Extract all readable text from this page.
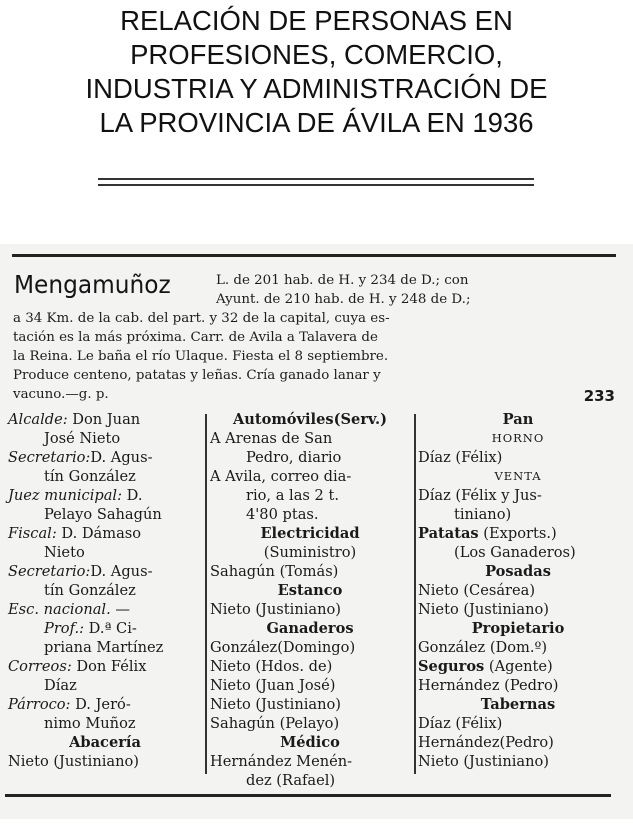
RELACIÓN DE PERSONAS EN
PROFESIONES, COMERCIO,
INDUSTRIA Y ADMINISTRACIÓN DE
LA PROVINCIA DE ÁVILA EN 1936
Mengamuñoz	L. de 201 hab. de H. y 234 de D.; con
Ayunt. de 210 hab. de H. y 248 de D.;
a 34 Km. de la cab. del part. y 32 de la capital, cuya es-
tación es la más próxima. Carr. de Avila a Talavera de
la Reina. Le baña el río Ulaque. Fiesta el 8 septiembre.
Produce centeno, patatas y leñas. Cría ganado lanar y
vacuno.—g. p.	233
Alcalde: Don Juan
José Nieto
Secretario:D. Agus-
tín González
Juez municipal: D.
Pelayo Sahagún
Fiscal: D. Dámaso
Nieto
Secretario:D. Agus-
tín González
Esc. nacional. —
Prof.: D.ª Ci-
priana Martínez
Correos: Don Félix
Díaz
Párroco: D. Jeró-
nimo Muñoz
Abacería
Nieto (Justiniano)
Automóviles(Serv.)
A Arenas de San
Pedro, diario
A Avila, correo dia-
rio, a las 2 t.
4'80 ptas.
Electricidad
(Suministro)
Sahagún (Tomás)
Estanco
Nieto (Justiniano)
Ganaderos
González(Domingo)
Nieto (Hdos. de)
Nieto (Juan José)
Nieto (Justiniano)
Sahagún (Pelayo)
Médico
Hernández Menén-
dez (Rafael)
Pan
HORNO
Díaz (Félix)
VENTA
Díaz (Félix y Jus-
tiniano)
Patatas (Exports.)
(Los Ganaderos)
Posadas
Nieto (Cesárea)
Nieto (Justiniano)
Propietario
González (Dom.º)
Seguros (Agente)
Hernández (Pedro)
Tabernas
Díaz (Félix)
Hernández(Pedro)
Nieto (Justiniano)
